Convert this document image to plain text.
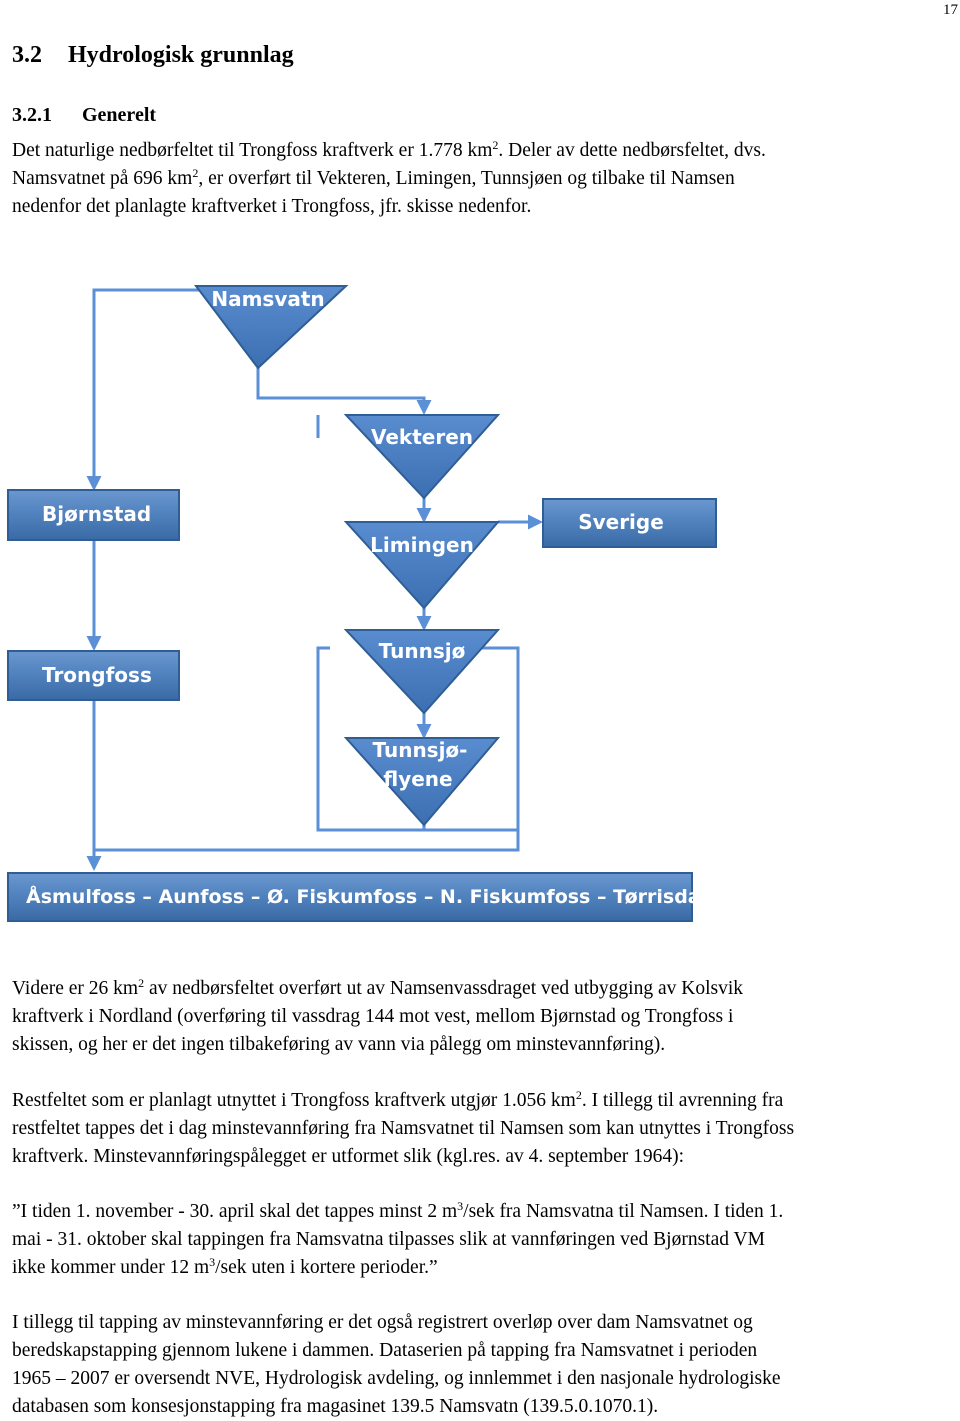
17
3.2 Hydrologisk grunnlag
3.2.1 Generelt
Det naturlige nedbørfeltet til Trongfoss kraftverk er 1.778 $km^2$. Deler av dette nedbørsfeltet, dvs.
Namsvatnet på 696 $km^2$, er overført til Vekteren, Limingen, Tunnsjøen og tilbake til Namsen
nedenfor det planlagte kraftverket i Trongfoss, jfr. skisse nedenfor.
Namsvatn
Vekteren
Limingen
Tunnsjø
Tunnsjø-
flyene
Bjørnstad	Sverige
Trongfoss
Åsmulfoss – Aunfoss – Ø. Fiskumfoss – N. Fiskumfoss – Tørrisdal
Videre er 26 $km^2$ av nedbørsfeltet overført ut av Namsenvassdraget ved utbygging av Kolsvik
kraftverk i Nordland (overføring til vassdrag 144 mot vest, mellom Bjørnstad og Trongfoss i
skissen, og her er det ingen tilbakeføring av vann via pålegg om minstevannføring).
Restfeltet som er planlagt utnyttet i Trongfoss kraftverk utgjør 1.056 $km^2$. I tillegg til avrenning fra
restfeltet tappes det i dag minstevannføring fra Namsvatnet til Namsen som kan utnyttes i Trongfoss
kraftverk. Minstevannføringspålegget er utformet slik (kgl.res. av 4. september 1964):
”I tiden 1. november - 30. april skal det tappes minst 2 $m^3$/sek fra Namsvatna til Namsen. I tiden 1.
mai - 31. oktober skal tappingen fra Namsvatna tilpasses slik at vannføringen ved Bjørnstad VM
ikke kommer under 12 $m^3$/sek uten i kortere perioder.”
I tillegg til tapping av minstevannføring er det også registrert overløp over dam Namsvatnet og
beredskapstapping gjennom lukene i dammen. Dataserien på tapping fra Namsvatnet i perioden
1965 – 2007 er oversendt NVE, Hydrologisk avdeling, og innlemmet i den nasjonale hydrologiske
databasen som konsesjonstapping fra magasinet 139.5 Namsvatn (139.5.0.1070.1).
